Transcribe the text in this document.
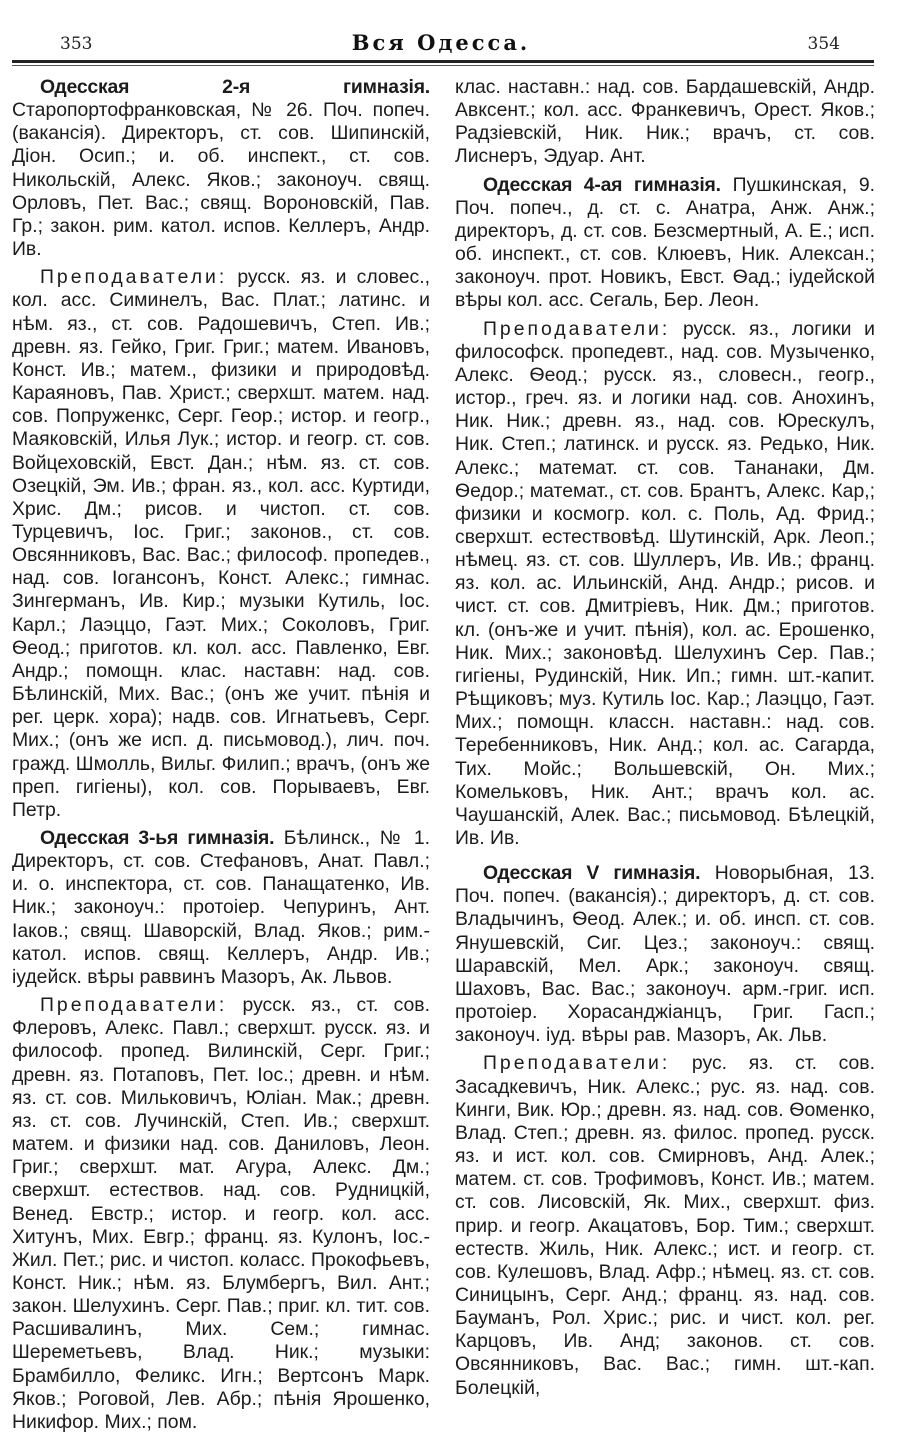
353	Вся Одесса.	354

Одесская 2-я гимназія. Старопортофранковская, № 26. Поч. попеч. (вакансія). Директоръ, ст. сов. Шипинскій, Діон. Осип.; и. об. инспект., ст. сов. Никольскій, Алекс. Яков.; законоуч. свящ. Орловъ, Пет. Вас.; свящ. Вороновскій, Пав. Гр.; закон. рим. катол. испов. Келлеръ, Андр. Ив.

Преподаватели: русск. яз. и словес., кол. асс. Симинелъ, Вас. Плат.; латинс. и нѣм. яз., ст. сов. Радошевичъ, Степ. Ив.; древн. яз. Гейко, Григ. Григ.; матем. Ивановъ, Конст. Ив.; матем., физики и природовѣд. Караяновъ, Пав. Христ.; сверхшт. матем. над. сов. Попруженкс, Серг. Геор.; истор. и геогр., Маяковскій, Илья Лук.; истор. и геогр. ст. сов. Войцеховскій, Евст. Дан.; нѣм. яз. ст. сов. Озецкій, Эм. Ив.; фран. яз., кол. асс. Куртиди, Хрис. Дм.; рисов. и чистоп. ст. сов. Турцевичъ, Іос. Григ.; законов., ст. сов. Овсянниковъ, Вас. Вас.; философ. пропедев., над. сов. Іогансонъ, Конст. Алекс.; гимнас. Зингерманъ, Ив. Кир.; музыки Кутиль, Іос. Карл.; Лаэццо, Гаэт. Мих.; Соколовъ, Григ. Ѳеод.; приготов. кл. кол. асс. Павленко, Евг. Андр.; помощн. клас. наставн: над. сов. Бѣлинскій, Мих. Вас.; (онъ же учит. пѣнія и рег. церк. хора); надв. сов. Игнатьевъ, Серг. Мих.; (онъ же исп. д. письмовод.), лич. поч. гражд. Шмолль, Вильг. Филип.; врачъ, (онъ же преп. гигіены), кол. сов. Порываевъ, Евг. Петр.

Одесская 3-ья гимназія. Бѣлинск., № 1. Директоръ, ст. сов. Стефановъ, Анат. Павл.; и. о. инспектора, ст. сов. Панащатенко, Ив. Ник.; законоуч.: протоіер. Чепуринъ, Ант. Іаков.; свящ. Шаворскій, Влад. Яков.; рим.-катол. испов. свящ. Келлеръ, Андр. Ив.; іудейск. вѣры раввинъ Мазоръ, Ак. Львов.

Преподаватели: русск. яз., ст. сов. Флеровъ, Алекс. Павл.; сверхшт. русск. яз. и философ. пропед. Вилинскій, Серг. Григ.; древн. яз. Потаповъ, Пет. Іос.; древн. и нѣм. яз. ст. сов. Мильковичъ, Юліан. Мак.; древн. яз. ст. сов. Лучинскій, Степ. Ив.; сверхшт. матем. и физики над. сов. Даниловъ, Леон. Григ.; сверхшт. мат. Агура, Алекс. Дм.; сверхшт. естествов. над. сов. Рудницкій, Венед. Евстр.; истор. и геогр. кол. асс. Хитунъ, Мих. Евгр.; франц. яз. Кулонъ, Іос.-Жил. Пет.; рис. и чистоп. коласс. Прокофьевъ, Конст. Ник.; нѣм. яз. Блумбергъ, Вил. Ант.; закон. Шелухинъ. Серг. Пав.; приг. кл. тит. сов. Расшивалинъ, Мих. Сем.; гимнас. Шереметьевъ, Влад. Ник.; музыки: Брамбилло, Феликс. Игн.; Вертсонъ Марк. Яков.; Роговой, Лев. Абр.; пѣнія Ярошенко, Никифор. Мих.; пом.

клас. наставн.: над. сов. Бардашевскій, Андр. Авксент.; кол. асс. Франкевичъ, Орест. Яков.; Радзіевскій, Ник. Ник.; врачъ, ст. сов. Лиснеръ, Эдуар. Ант.

Одесская 4-ая гимназія. Пушкинская, 9. Поч. попеч., д. ст. с. Анатра, Анж. Анж.; директоръ, д. ст. сов. Безсмертный, А. Е.; исп. об. инспект., ст. сов. Клюевъ, Ник. Алексан.; законоуч. прот. Новикъ, Евст. Ѳад.; іудейской вѣры кол. асс. Сегаль, Бер. Леон.

Преподаватели: русск. яз., логики и философск. пропедевт., над. сов. Музыченко, Алекс. Ѳеод.; русск. яз., словесн., геогр., истор., греч. яз. и логики над. сов. Анохинъ, Ник. Ник.; древн. яз., над. сов. Юрескулъ, Ник. Степ.; латинск. и русск. яз. Редько, Ник. Алекс.; математ. ст. сов. Тананаки, Дм. Ѳедор.; математ., ст. сов. Брантъ, Алекс. Кар,; физики и космогр. кол. с. Поль, Ад. Фрид.; сверхшт. естествовѣд. Шутинскій, Арк. Леоп.; нѣмец. яз. ст. сов. Шуллеръ, Ив. Ив.; франц. яз. кол. ас. Ильинскій, Анд. Андр.; рисов. и чист. ст. сов. Дмитріевъ, Ник. Дм.; приготов. кл. (онъ-же и учит. пѣнія), кол. ас. Ерошенко, Ник. Мих.; законовѣд. Шелухинъ Сер. Пав.; гигіены, Рудинскій, Ник. Ип.; гимн. шт.-капит. Рѣщиковъ; муз. Кутиль Іос. Кар.; Лаэццо, Гаэт. Мих.; помощн. классн. наставн.: над. сов. Теребенниковъ, Ник. Анд.; кол. ас. Сагарда, Тих. Мойс.; Вольшевскій, Он. Мих.; Комельковъ, Ник. Ант.; врачъ кол. ас. Чаушанскій, Алек. Вас.; письмовод. Бѣлецкій, Ив. Ив.

Одесская V гимназія. Новорыбная, 13. Поч. попеч. (вакансія).; директоръ, д. ст. сов. Владычинъ, Ѳеод. Алек.; и. об. инсп. ст. сов. Янушевскій, Сиг. Цез.; законоуч.: свящ. Шаравскій, Мел. Арк.; законоуч. свящ. Шаховъ, Вас. Вас.; законоуч. арм.-григ. исп. протоіер. Хорасанджіанцъ, Григ. Гасп.; законоуч. іуд. вѣры рав. Мазоръ, Ак. Льв.

Преподаватели: рус. яз. ст. сов. Засадкевичъ, Ник. Алекс.; рус. яз. над. сов. Кинги, Вик. Юр.; древн. яз. над. сов. Ѳоменко, Влад. Степ.; древн. яз. филос. пропед. русск. яз. и ист. кол. сов. Смирновъ, Анд. Алек.; матем. ст. сов. Трофимовъ, Конст. Ив.; матем. ст. сов. Лисовскій, Як. Мих., сверхшт. физ. прир. и геогр. Акацатовъ, Бор. Тим.; сверхшт. естеств. Жиль, Ник. Алекс.; ист. и геогр. ст. сов. Кулешовъ, Влад. Афр.; нѣмец. яз. ст. сов. Синицынъ, Серг. Анд.; франц. яз. над. сов. Бауманъ, Рол. Хрис.; рис. и чист. кол. рег. Карцовъ, Ив. Анд; законов. ст. сов. Овсянниковъ, Вас. Вас.; гимн. шт.-кап. Болецкій,
